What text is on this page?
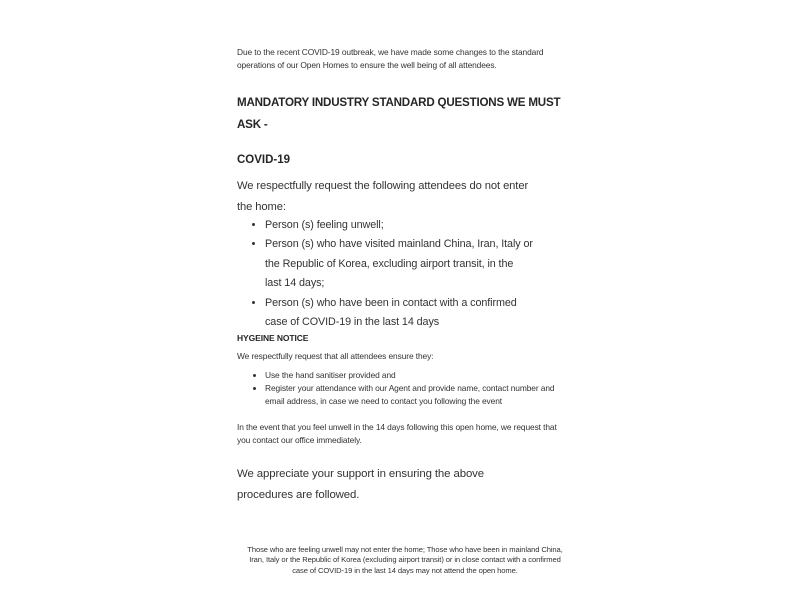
Due to the recent COVID-19 outbreak, we have made some changes to the standard
operations of our Open Homes to ensure the well being of all attendees.
MANDATORY INDUSTRY STANDARD QUESTIONS WE MUST
ASK -
COVID-19
We respectfully request the following attendees do not enter
the home:
• Person (s) feeling unwell;
• Person (s) who have visited mainland China, Iran, Italy or
the Republic of Korea, excluding airport transit, in the
last 14 days;
• Person (s) who have been in contact with a confirmed
case of COVID-19 in the last 14 days
HYGEINE NOTICE
We respectfully request that all attendees ensure they:
• Use the hand sanitiser provided and
• Register your attendance with our Agent and provide name, contact number and
email address, in case we need to contact you following the event
In the event that you feel unwell in the 14 days following this open home, we request that
you contact our office immediately.
We appreciate your support in ensuring the above
procedures are followed.
Those who are feeling unwell may not enter the home; Those who have been in mainland China,
Iran, Italy or the Republic of Korea (excluding airport transit) or in close contact with a confirmed
case of COVID-19 in the last 14 days may not attend the open home.
